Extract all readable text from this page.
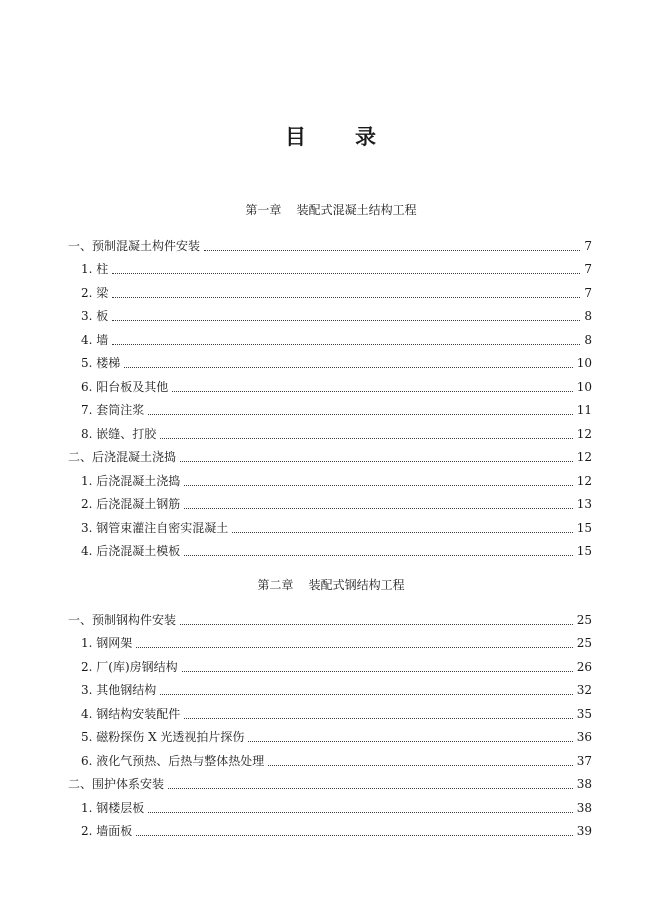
目 录
第一章    装配式混凝土结构工程
一、预制混凝土构件安装	7
1. 柱	7
2. 梁	7
3. 板	8
4. 墙	8
5. 楼梯	10
6. 阳台板及其他	10
7. 套筒注浆	11
8. 嵌缝、打胶	12
二、后浇混凝土浇捣	12
1. 后浇混凝土浇捣	12
2. 后浇混凝土钢筋	13
3. 钢管束灌注自密实混凝土	15
4. 后浇混凝土模板	15
第二章    装配式钢结构工程
一、预制钢构件安装	25
1. 钢网架	25
2. 厂(库)房钢结构	26
3. 其他钢结构	32
4. 钢结构安装配件	35
5. 磁粉探伤 X 光透视拍片探伤	36
6. 液化气预热、后热与整体热处理	37
二、围护体系安装	38
1. 钢楼层板	38
2. 墙面板	39
